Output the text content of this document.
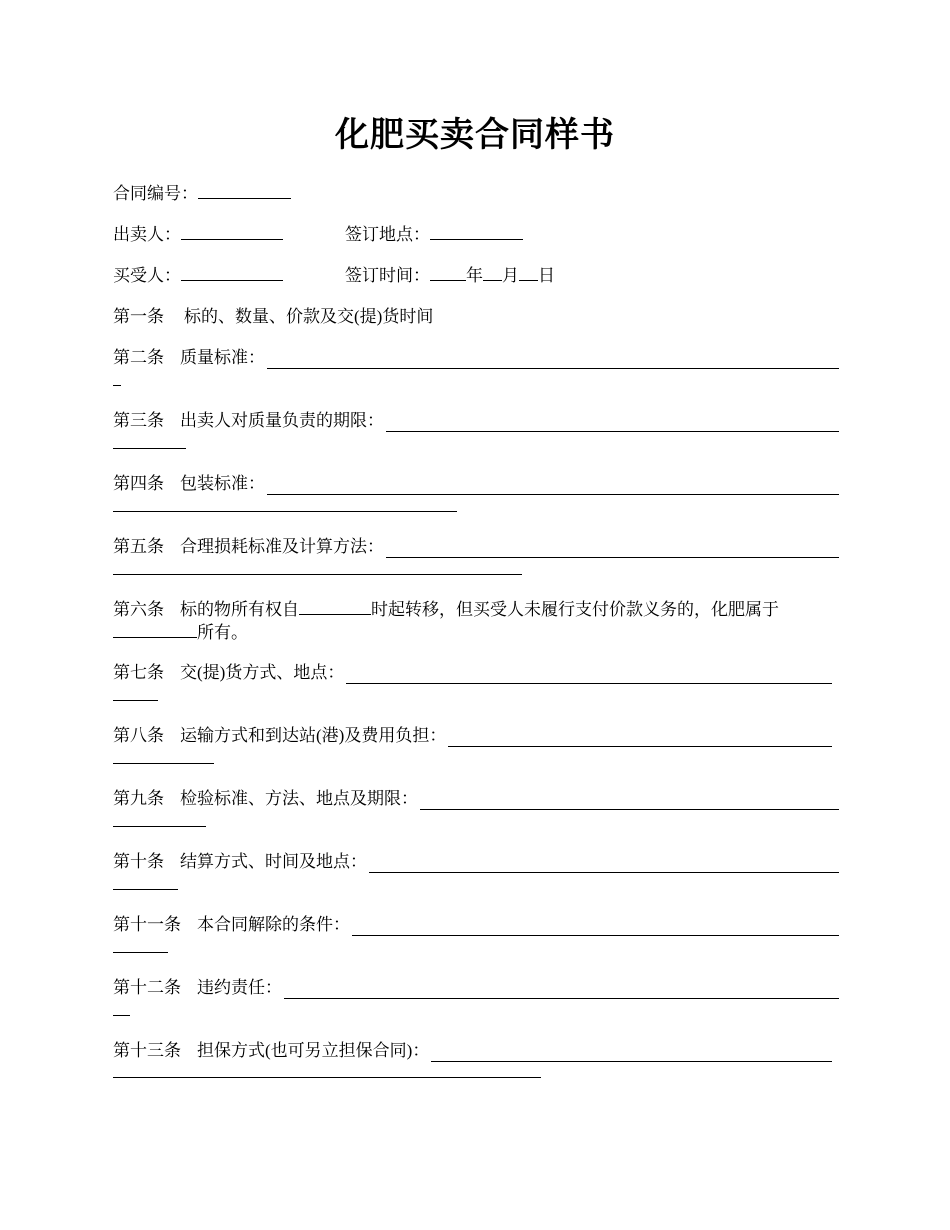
化肥买卖合同样书
合同编号：
出卖人：	签订地点：
买受人：	签订时间： 年 月 日
第一条 标的、数量、价款及交(提)货时间
第二条 质量标准：
第三条 出卖人对质量负责的期限：
第四条 包装标准：
第五条 合理损耗标准及计算方法：
第六条 标的物所有权自	时起转移，但买受人未履行支付价款义务的，化肥属于
所有。
第七条 交(提)货方式、地点：
第八条 运输方式和到达站(港)及费用负担：
第九条 检验标准、方法、地点及期限：
第十条 结算方式、时间及地点：
第十一条 本合同解除的条件：
第十二条 违约责任：
第十三条 担保方式(也可另立担保合同)：
